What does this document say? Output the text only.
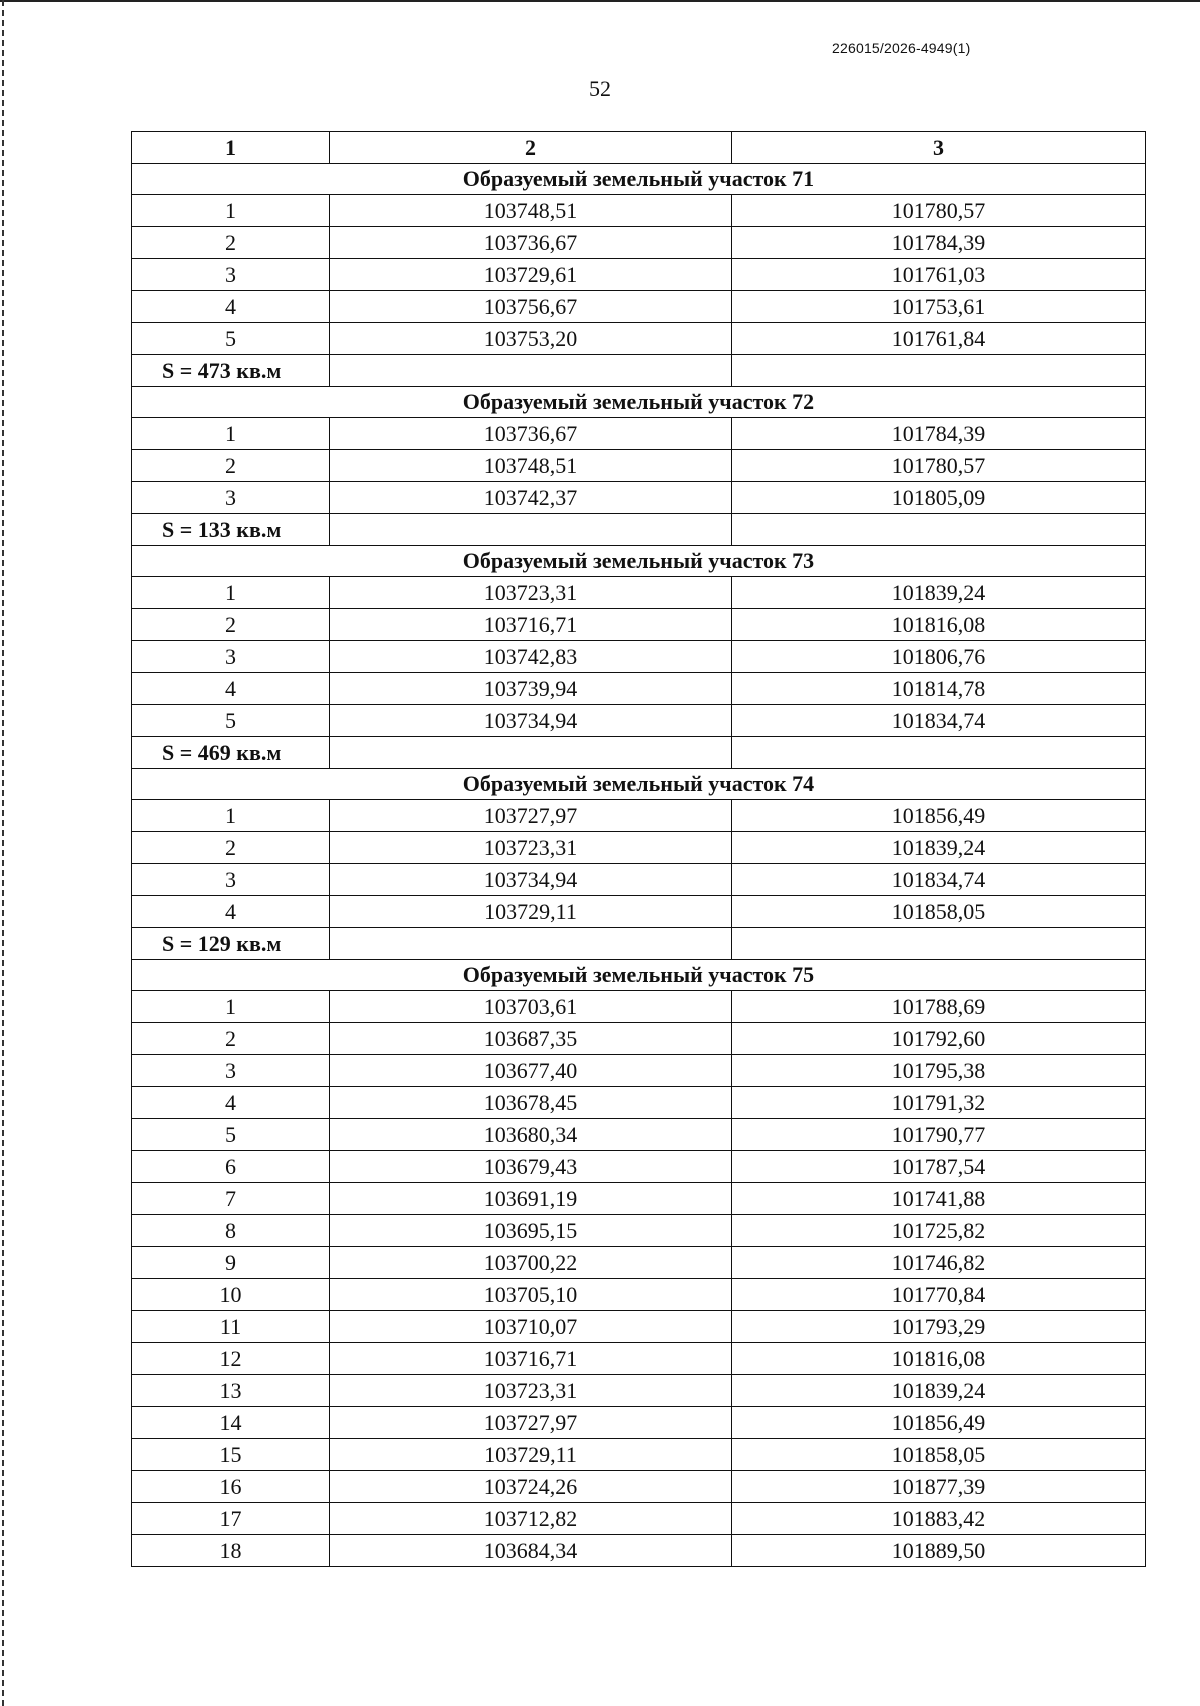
226015/2026-4949(1)
52
1	2	3
Образуемый земельный участок 71		
1	103748,51	101780,57
2	103736,67	101784,39
3	103729,61	101761,03
4	103756,67	101753,61
5	103753,20	101761,84
S = 473 кв.м		
Образуемый земельный участок 72		
1	103736,67	101784,39
2	103748,51	101780,57
3	103742,37	101805,09
S = 133 кв.м		
Образуемый земельный участок 73		
1	103723,31	101839,24
2	103716,71	101816,08
3	103742,83	101806,76
4	103739,94	101814,78
5	103734,94	101834,74
S = 469 кв.м		
Образуемый земельный участок 74		
1	103727,97	101856,49
2	103723,31	101839,24
3	103734,94	101834,74
4	103729,11	101858,05
S = 129 кв.м		
Образуемый земельный участок 75		
1	103703,61	101788,69
2	103687,35	101792,60
3	103677,40	101795,38
4	103678,45	101791,32
5	103680,34	101790,77
6	103679,43	101787,54
7	103691,19	101741,88
8	103695,15	101725,82
9	103700,22	101746,82
10	103705,10	101770,84
11	103710,07	101793,29
12	103716,71	101816,08
13	103723,31	101839,24
14	103727,97	101856,49
15	103729,11	101858,05
16	103724,26	101877,39
17	103712,82	101883,42
18	103684,34	101889,50
